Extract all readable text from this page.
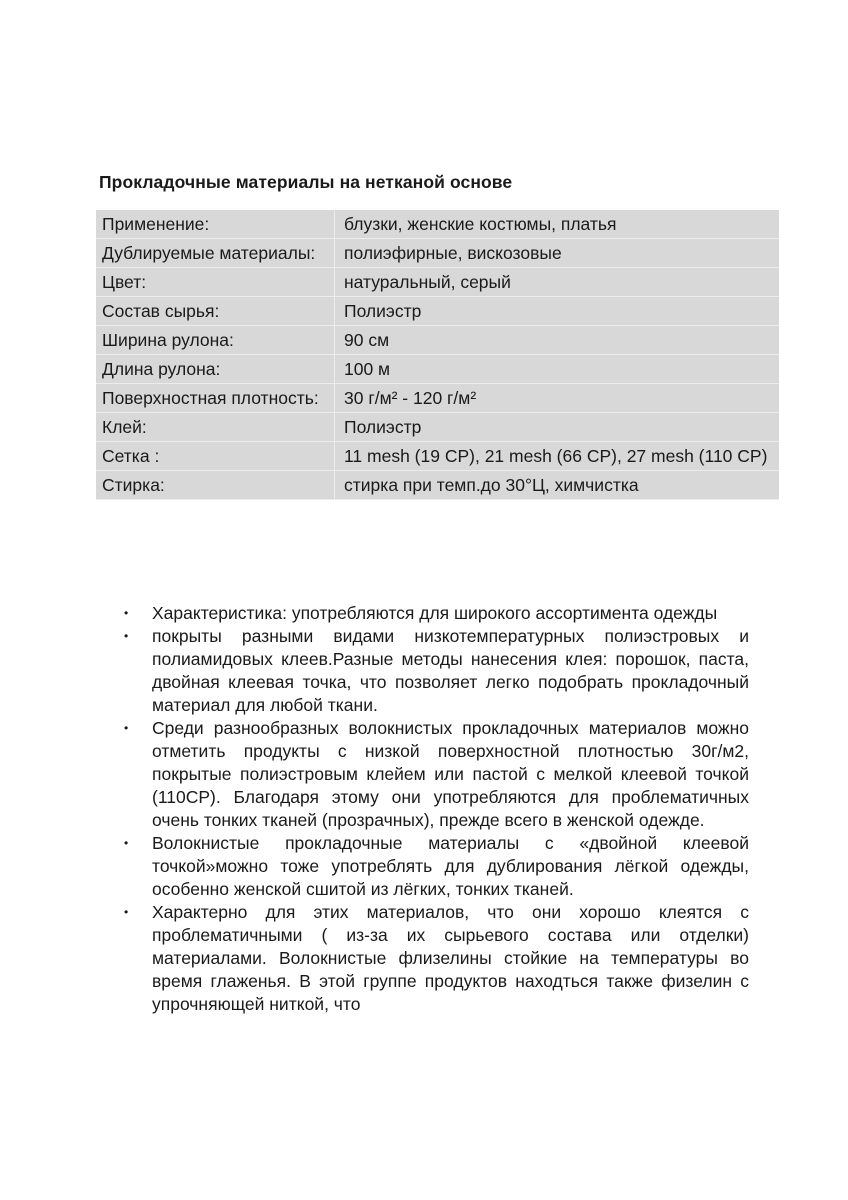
Прокладочные материалы на нетканой основе
Применение:	блузки, женские костюмы, платья
Дублируемые материалы:	полиэфирные, вискозовые
Цвет:	натуральный, серый
Состав сырья:	Полиэстр
Ширина рулона:	90 см
Длина рулона:	100 м
Поверхностная плотность:	30 г/м² - 120 г/м²
Клей:	Полиэстр
Сетка :	11 mesh (19 CP), 21 mesh (66 CP), 27 mesh (110 CP)
Стирка:	стирка при темп.до 30°Ц, химчистка
• Характеристика: употребляются для широкого ассортимента одежды
• покрыты разными видами низкотемпературных полиэстровых и полиамидовых клеев.Разные методы нанесения клея: порошок, паста, двойная клеевая точка, что позволяет легко подобрать прокладочный материал для любой ткани.
• Среди разнообразных волокнистых прокладочных материалов можно отметить продукты с низкой поверхностной плотностью 30г/м2, покрытые полиэстровым клейем или пастой с мелкой клеевой точкой (110CP). Благодаря этому они употребляются для проблематичных очень тонких тканей (прозрачных), прежде всего в женской одежде.
• Волокнистые прокладочные материалы с «двойной клеевой точкой»можно тоже употреблять для дублирования лёгкой одежды, особенно женской сшитой из лёгких, тонких тканей.
• Характерно для этих материалов, что они хорошо клеятся с проблематичными ( из-за их сырьевого состава или отделки) материалами. Волокнистые флизелины стойкие на температуры во время глаженья. В этой группе продуктов находться также физелин с упрочняющей ниткой, что
